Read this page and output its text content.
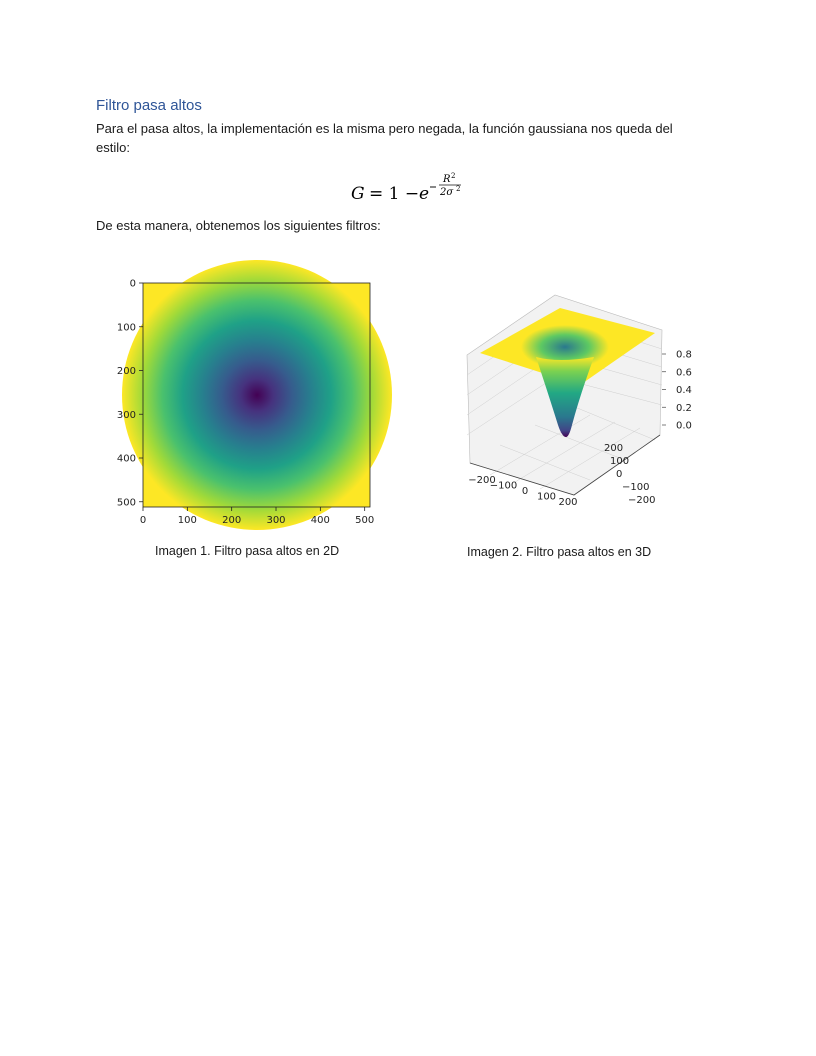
Filtro pasa altos
Para el pasa altos, la implementación es la misma pero negada, la función gaussiana nos queda del estilo:
G = 1 − e
R 2
2σ 2
De esta manera, obtenemos los siguientes filtros:
0
100
200
300
400
500
0	100	200	300	400	500
0.0
0.2
0.4
0.6
0.8
−200
−100 0 100 200	−200
−100
0
100
200
Imagen 1. Filtro pasa altos en 2D	Imagen 2. Filtro pasa altos en 3D
